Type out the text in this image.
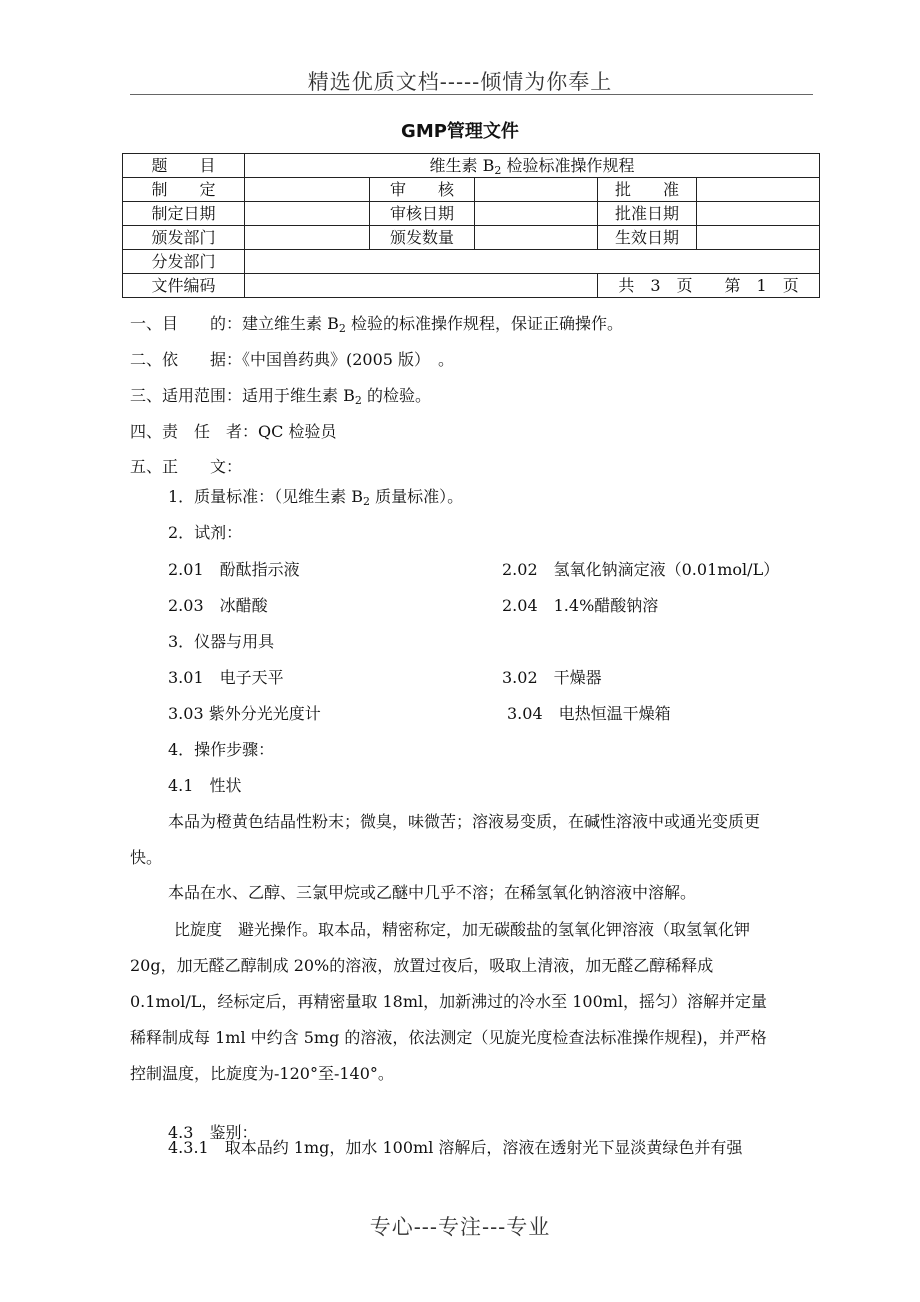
精选优质文档-----倾情为你奉上
GMP管理文件
题　　目	维生素 $B_2$ 检验标准操作规程				
制　　定		审　　核		批　　准	
制定日期		审核日期		批准日期	
颁发部门		颁发数量		生效日期	
分发部门					
文件编码				共　3　页　　 第　1　页	
一、目　　的：建立维生素 $B_2$ 检验的标准操作规程，保证正确操作。
二、依　　据：《中国兽药典》(2005 版）　。
三、适用范围：适用于维生素 $B_2$ 的检验。
四、责　任　者：QC 检验员
五、正　　文：
1．质量标准：（见维生素 $B_2$ 质量标准）。
2．试剂：
2.01　酚酞指示液	2.02　氢氧化钠滴定液（0.01mol/L）
2.03　冰醋酸	2.04　1.4%醋酸钠溶
3．仪器与用具
3.01　电子天平	3.02　干燥器
3.03 紫外分光光度计	3.04　电热恒温干燥箱
4．操作步骤：
4.1　性状
本品为橙黄色结晶性粉末；微臭，味微苦；溶液易变质，在碱性溶液中或通光变质更快。
本品在水、乙醇、三氯甲烷或乙醚中几乎不溶；在稀氢氧化钠溶液中溶解。
比旋度　避光操作。取本品，精密称定，加无碳酸盐的氢氧化钾溶液（取氢氧化钾 20g，加无醛乙醇制成 20%的溶液，放置过夜后，吸取上清液，加无醛乙醇稀释成 0.1mol/L，经标定后，再精密量取 18ml，加新沸过的冷水至 100ml，摇匀）溶解并定量稀释制成每 1ml 中约含 5mg 的溶液，依法测定（见旋光度检查法标准操作规程)，并严格控制温度，比旋度为-120°至-140°。
4.3　鉴别：
4.3.1　取本品约 1mg，加水 100ml 溶解后，溶液在透射光下显淡黄绿色并有强
专心---专注---专业
